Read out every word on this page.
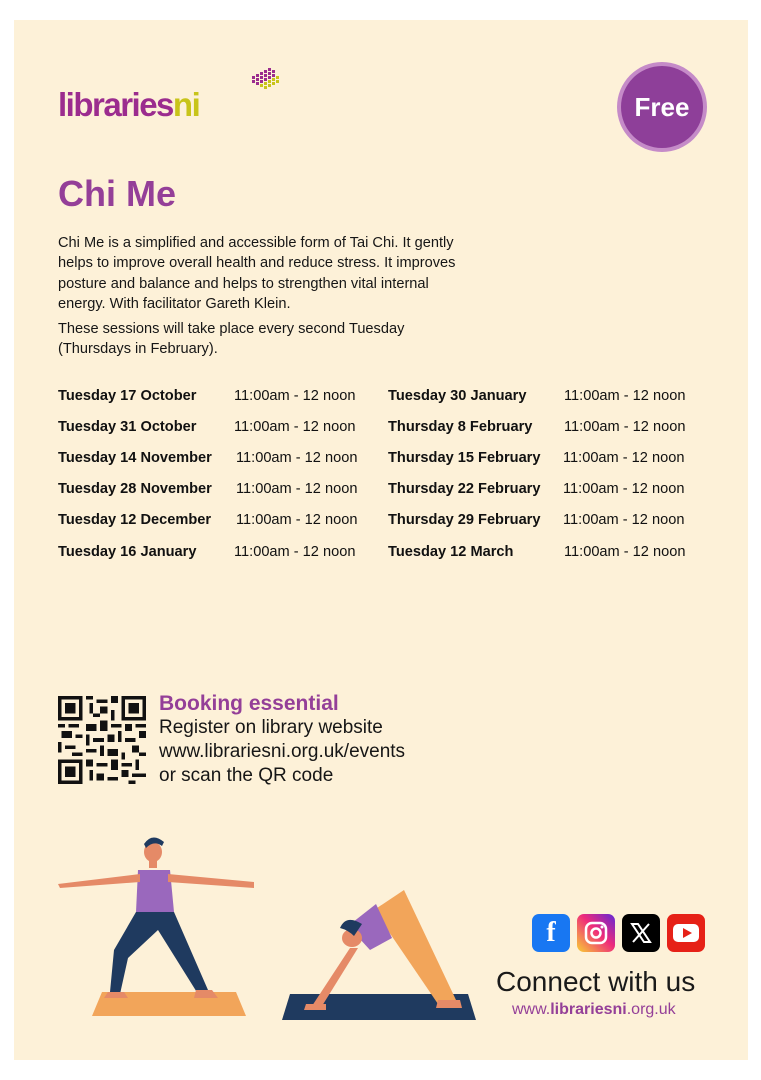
librariesni	Free
Chi Me
Chi Me is a simplified and accessible form of Tai Chi. It gently helps to improve overall health and reduce stress. It improves posture and balance and helps to strengthen vital internal energy. With facilitator Gareth Klein.
These sessions will take place every second Tuesday (Thursdays in February).
Tuesday 17 October	11:00am - 12 noon
Tuesday 31 October	11:00am - 12 noon
Tuesday 14 November 11:00am - 12 noon
Tuesday 28 November 11:00am - 12 noon
Tuesday 12 December 11:00am - 12 noon
Tuesday 16 January	11:00am - 12 noon
Tuesday 30 January	11:00am - 12 noon
Thursday 8 February 11:00am - 12 noon
Thursday 15 February 11:00am - 12 noon
Thursday 22 February 11:00am - 12 noon
Thursday 29 February 11:00am - 12 noon
Tuesday 12 March	11:00am - 12 noon
Booking essential
Register on library website
www.librariesni.org.uk/events
or scan the QR code
f
Connect with us
www.librariesni.org.uk
